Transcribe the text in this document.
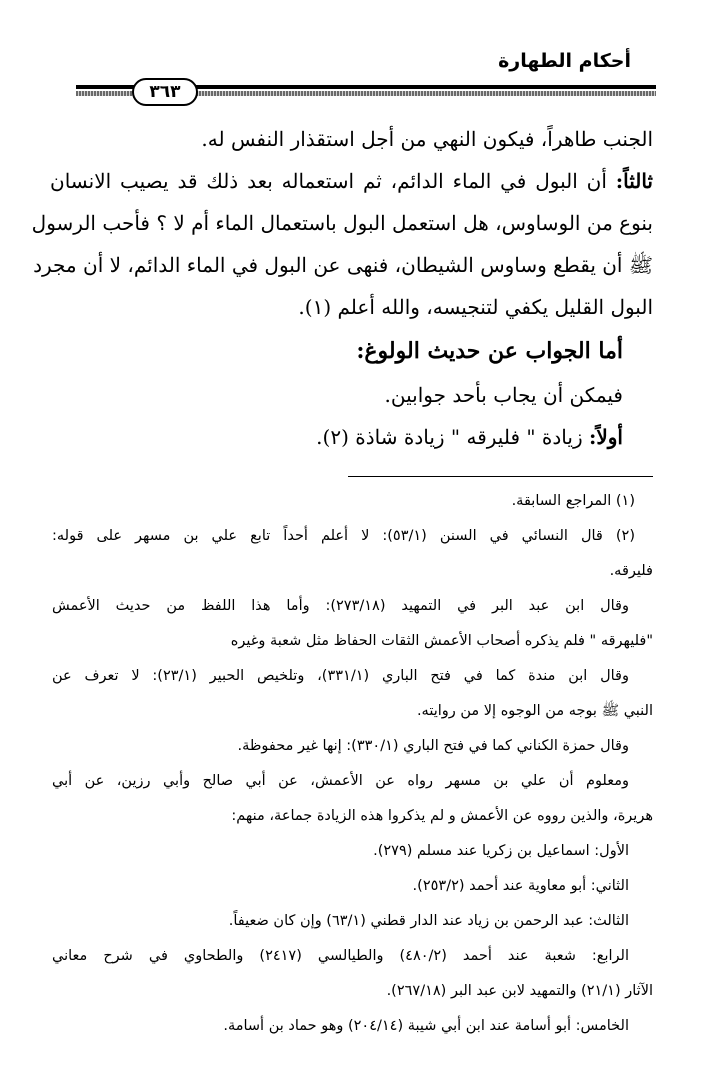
أحكام الطهارة
٣٦٣
الجنب طاهراً، فيكون النهي من أجل استقذار النفس له.
ثالثاً: أن البول في الماء الدائم، ثم استعماله بعد ذلك قد يصيب الانسان
بنوع من الوساوس، هل استعمل البول باستعمال الماء أم لا ؟ فأحب الرسول
ﷺ أن يقطع وساوس الشيطان، فنهى عن البول في الماء الدائم، لا أن مجرد
البول القليل يكفي لتنجيسه، والله أعلم (١).
أما الجواب عن حديث الولوغ:
فيمكن أن يجاب بأحد جوابين.
أولاً: زيادة " فليرقه " زيادة شاذة (٢).
(١) المراجع السابقة.
(٢) قال النسائي في السنن (٥٣/١): لا أعلم أحداً تابع علي بن مسهر على قوله:
فليرقه.
وقال ابن عبد البر في التمهيد (٢٧٣/١٨): وأما هذا اللفظ من حديث الأعمش
"فليهرقه " فلم يذكره أصحاب الأعمش الثقات الحفاظ مثل شعبة وغيره
وقال ابن مندة كما في فتح الباري (٣٣١/١)، وتلخيص الحبير (٢٣/١): لا تعرف عن
النبي ﷺ بوجه من الوجوه إلا من روايته.
وقال حمزة الكناني كما في فتح الباري (٣٣٠/١): إنها غير محفوظة.
ومعلوم أن علي بن مسهر رواه عن الأعمش، عن أبي صالح وأبي رزين، عن أبي
هريرة، والذين رووه عن الأعمش و لم يذكروا هذه الزيادة جماعة، منهم:
الأول: اسماعيل بن زكريا عند مسلم (٢٧٩).
الثاني: أبو معاوية عند أحمد (٢٥٣/٢).
الثالث: عبد الرحمن بن زياد عند الدار قطني (٦٣/١) وإن كان ضعيفاً.
الرابع: شعبة عند أحمد (٤٨٠/٢) والطيالسي (٢٤١٧) والطحاوي في شرح معاني
الآثار (٢١/١) والتمهيد لابن عبد البر (٢٦٧/١٨).
الخامس: أبو أسامة عند ابن أبي شيبة (٢٠٤/١٤) وهو حماد بن أسامة.
